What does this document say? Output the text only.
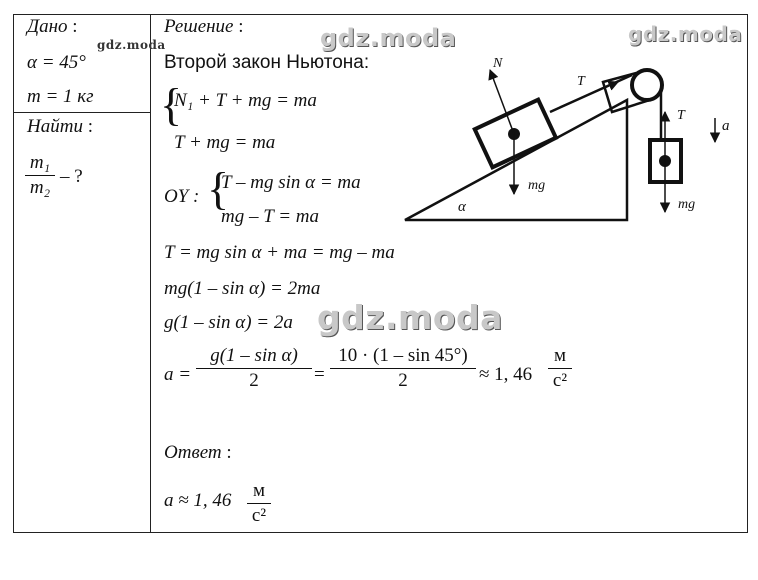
Дано :
α = 45°
m = 1 кг
Найти :
m₁
m₂
– ?
Решение :
Второй закон Ньютона:
{
N₁ + T + mg = ma
T + mg = ma
OY : {
T – mg sin α = ma
mg – T = ma
T = mg sin α + ma = mg – ma
mg(1 – sin α) = 2ma
g(1 – sin α) = 2a
a =
g(1 – sin α)
2	=
10 · (1 – sin 45°)
2	≈ 1, 46
м
с²
Ответ :
a ≈ 1, 46	м
с²
N
T
mg
α
T
mg
a
gdz.moda	gdz.moda	gdz.moda
gdz.moda
